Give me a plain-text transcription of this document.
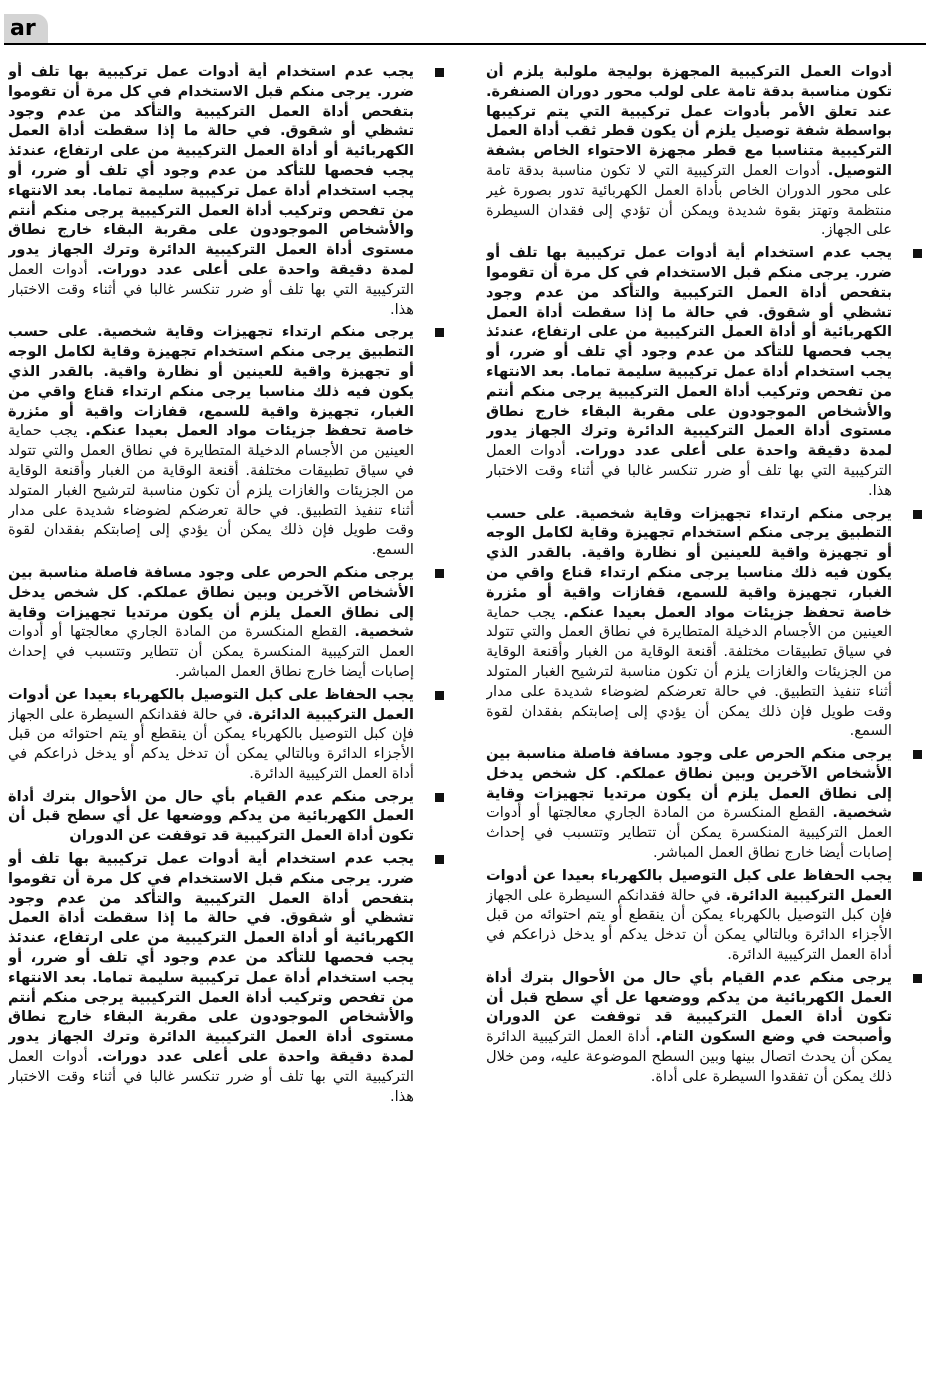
ar
أدوات العمل التركيبية المجهزة بوليجة ملولبة يلزم أن تكون مناسبة بدقة تامة على لولب محور دوران الصنفرة. عند تعلق الأمر بأدوات عمل تركيبية التي يتم تركيبها بواسطة شفة توصيل يلزم أن يكون قطر ثقب أداة العمل التركيبية متناسبا مع قطر مجهزة الاحتواء الخاص بشفة التوصيل. أدوات العمل التركيبية التي لا تكون مناسبة بدقة تامة على محور الدوران الخاص بأداة العمل الكهربائية تدور بصورة غير منتظمة وتهتز بقوة شديدة ويمكن أن تؤدي إلى فقدان السيطرة على الجهاز.
يجب عدم استخدام أية أدوات عمل تركيبية بها تلف أو ضرر. يرجى منكم قبل الاستخدام في كل مرة أن تقوموا بتفحص أداة العمل التركيبية والتأكد من عدم وجود تشظي أو شقوق. في حالة ما إذا سقطت أداة العمل الكهربائية أو أداة العمل التركيبية من على ارتفاع، عندئذ يجب فحصها للتأكد من عدم وجود أي تلف أو ضرر، أو يجب استخدام أداة عمل تركيبية سليمة تماما. بعد الانتهاء من تفحص وتركيب أداة العمل التركيبية يرجى منكم أنتم والأشخاص الموجودون على مقربة البقاء خارج نطاق مستوى أداة العمل التركيبية الدائرة وترك الجهاز يدور لمدة دقيقة واحدة على أعلى عدد دورات. أدوات العمل التركيبية التي بها تلف أو ضرر تنكسر غالبا في أثناء وقت الاختبار هذا.
يرجى منكم ارتداء تجهيزات وقاية شخصية. على حسب التطبيق يرجى منكم استخدام تجهيزة وقاية لكامل الوجه أو تجهيزة واقية للعينين أو نظارة واقية. بالقدر الذي يكون فيه ذلك مناسبا يرجى منكم ارتداء قناع واقي من الغبار، تجهيزة واقية للسمع، قفازات واقية أو مئزرة خاصة تحفظ جزيئات مواد العمل بعيدا عنكم. يجب حماية العينين من الأجسام الدخيلة المتطايرة في نطاق العمل والتي تتولد في سياق تطبيقات مختلفة. أقنعة الوقاية من الغبار وأقنعة الوقاية من الجزيئات والغازات يلزم أن تكون مناسبة لترشيح الغبار المتولد أثناء تنفيذ التطبيق. في حالة تعرضكم لضوضاء شديدة على مدار وقت طويل فإن ذلك يمكن أن يؤدي إلى إصابتكم بفقدان لقوة السمع.
يرجى منكم الحرص على وجود مسافة فاصلة مناسبة بين الأشخاص الآخرين وبين نطاق عملكم. كل شخص يدخل إلى نطاق العمل يلزم أن يكون مرتديا تجهيزات وقاية شخصية. القطع المنكسرة من المادة الجاري معالجتها أو أدوات العمل التركيبية المنكسرة يمكن أن تتطاير وتتسبب في إحداث إصابات أيضا خارج نطاق العمل المباشر.
يجب الحفاظ على كبل التوصيل بالكهرباء بعيدا عن أدوات العمل التركيبية الدائرة. في حالة فقدانكم السيطرة على الجهاز فإن كبل التوصيل بالكهرباء يمكن أن ينقطع أو يتم احتوائه من قبل الأجزاء الدائرة وبالتالي يمكن أن تدخل يدكم أو يدخل ذراعكم في أداة العمل التركيبية الدائرة.
يرجى منكم عدم القيام بأي حال من الأحوال بترك أداة العمل الكهربائية من يدكم ووضعها عل أي سطح قبل أن تكون أداة العمل التركيبية قد توقفت عن الدوران وأصبحت في وضع السكون التام. أداة العمل التركيبية الدائرة يمكن أن يحدث اتصال بينها وبين السطح الموضوعة عليه، ومن خلال ذلك يمكن أن تفقدوا السيطرة على أداة.
يجب عدم استخدام أية أدوات عمل تركيبية بها تلف أو ضرر. يرجى منكم قبل الاستخدام في كل مرة أن تقوموا بتفحص أداة العمل التركيبية والتأكد من عدم وجود تشظي أو شقوق. في حالة ما إذا سقطت أداة العمل الكهربائية أو أداة العمل التركيبية من على ارتفاع، عندئذ يجب فحصها للتأكد من عدم وجود أي تلف أو ضرر، أو يجب استخدام أداة عمل تركيبية سليمة تماما. بعد الانتهاء من تفحص وتركيب أداة العمل التركيبية يرجى منكم أنتم والأشخاص الموجودون على مقربة البقاء خارج نطاق مستوى أداة العمل التركيبية الدائرة وترك الجهاز يدور لمدة دقيقة واحدة على أعلى عدد دورات. أدوات العمل التركيبية التي بها تلف أو ضرر تنكسر غالبا في أثناء وقت الاختبار هذا.
يرجى منكم ارتداء تجهيزات وقاية شخصية. على حسب التطبيق يرجى منكم استخدام تجهيزة وقاية لكامل الوجه أو تجهيزة واقية للعينين أو نظارة واقية. بالقدر الذي يكون فيه ذلك مناسبا يرجى منكم ارتداء قناع واقي من الغبار، تجهيزة واقية للسمع، قفازات واقية أو مئزرة خاصة تحفظ جزيئات مواد العمل بعيدا عنكم. يجب حماية العينين من الأجسام الدخيلة المتطايرة في نطاق العمل والتي تتولد في سياق تطبيقات مختلفة. أقنعة الوقاية من الغبار وأقنعة الوقاية من الجزيئات والغازات يلزم أن تكون مناسبة لترشيح الغبار المتولد أثناء تنفيذ التطبيق. في حالة تعرضكم لضوضاء شديدة على مدار وقت طويل فإن ذلك يمكن أن يؤدي إلى إصابتكم بفقدان لقوة السمع.
يرجى منكم الحرص على وجود مسافة فاصلة مناسبة بين الأشخاص الآخرين وبين نطاق عملكم. كل شخص يدخل إلى نطاق العمل يلزم أن يكون مرتديا تجهيزات وقاية شخصية. القطع المنكسرة من المادة الجاري معالجتها أو أدوات العمل التركيبية المنكسرة يمكن أن تتطاير وتتسبب في إحداث إصابات أيضا خارج نطاق العمل المباشر.
يجب الحفاظ على كبل التوصيل بالكهرباء بعيدا عن أدوات العمل التركيبية الدائرة. في حالة فقدانكم السيطرة على الجهاز فإن كبل التوصيل بالكهرباء يمكن أن ينقطع أو يتم احتوائه من قبل الأجزاء الدائرة وبالتالي يمكن أن تدخل يدكم أو يدخل ذراعكم في أداة العمل التركيبية الدائرة.
يرجى منكم عدم القيام بأي حال من الأحوال بترك أداة العمل الكهربائية من يدكم ووضعها عل أي سطح قبل أن تكون أداة العمل التركيبية قد توقفت عن الدوران
يجب عدم استخدام أية أدوات عمل تركيبية بها تلف أو ضرر. يرجى منكم قبل الاستخدام في كل مرة أن تقوموا بتفحص أداة العمل التركيبية والتأكد من عدم وجود تشظي أو شقوق. في حالة ما إذا سقطت أداة العمل الكهربائية أو أداة العمل التركيبية من على ارتفاع، عندئذ يجب فحصها للتأكد من عدم وجود أي تلف أو ضرر، أو يجب استخدام أداة عمل تركيبية سليمة تماما. بعد الانتهاء من تفحص وتركيب أداة العمل التركيبية يرجى منكم أنتم والأشخاص الموجودون على مقربة البقاء خارج نطاق مستوى أداة العمل التركيبية الدائرة وترك الجهاز يدور لمدة دقيقة واحدة على أعلى عدد دورات. أدوات العمل التركيبية التي بها تلف أو ضرر تنكسر غالبا في أثناء وقت الاختبار هذا.
